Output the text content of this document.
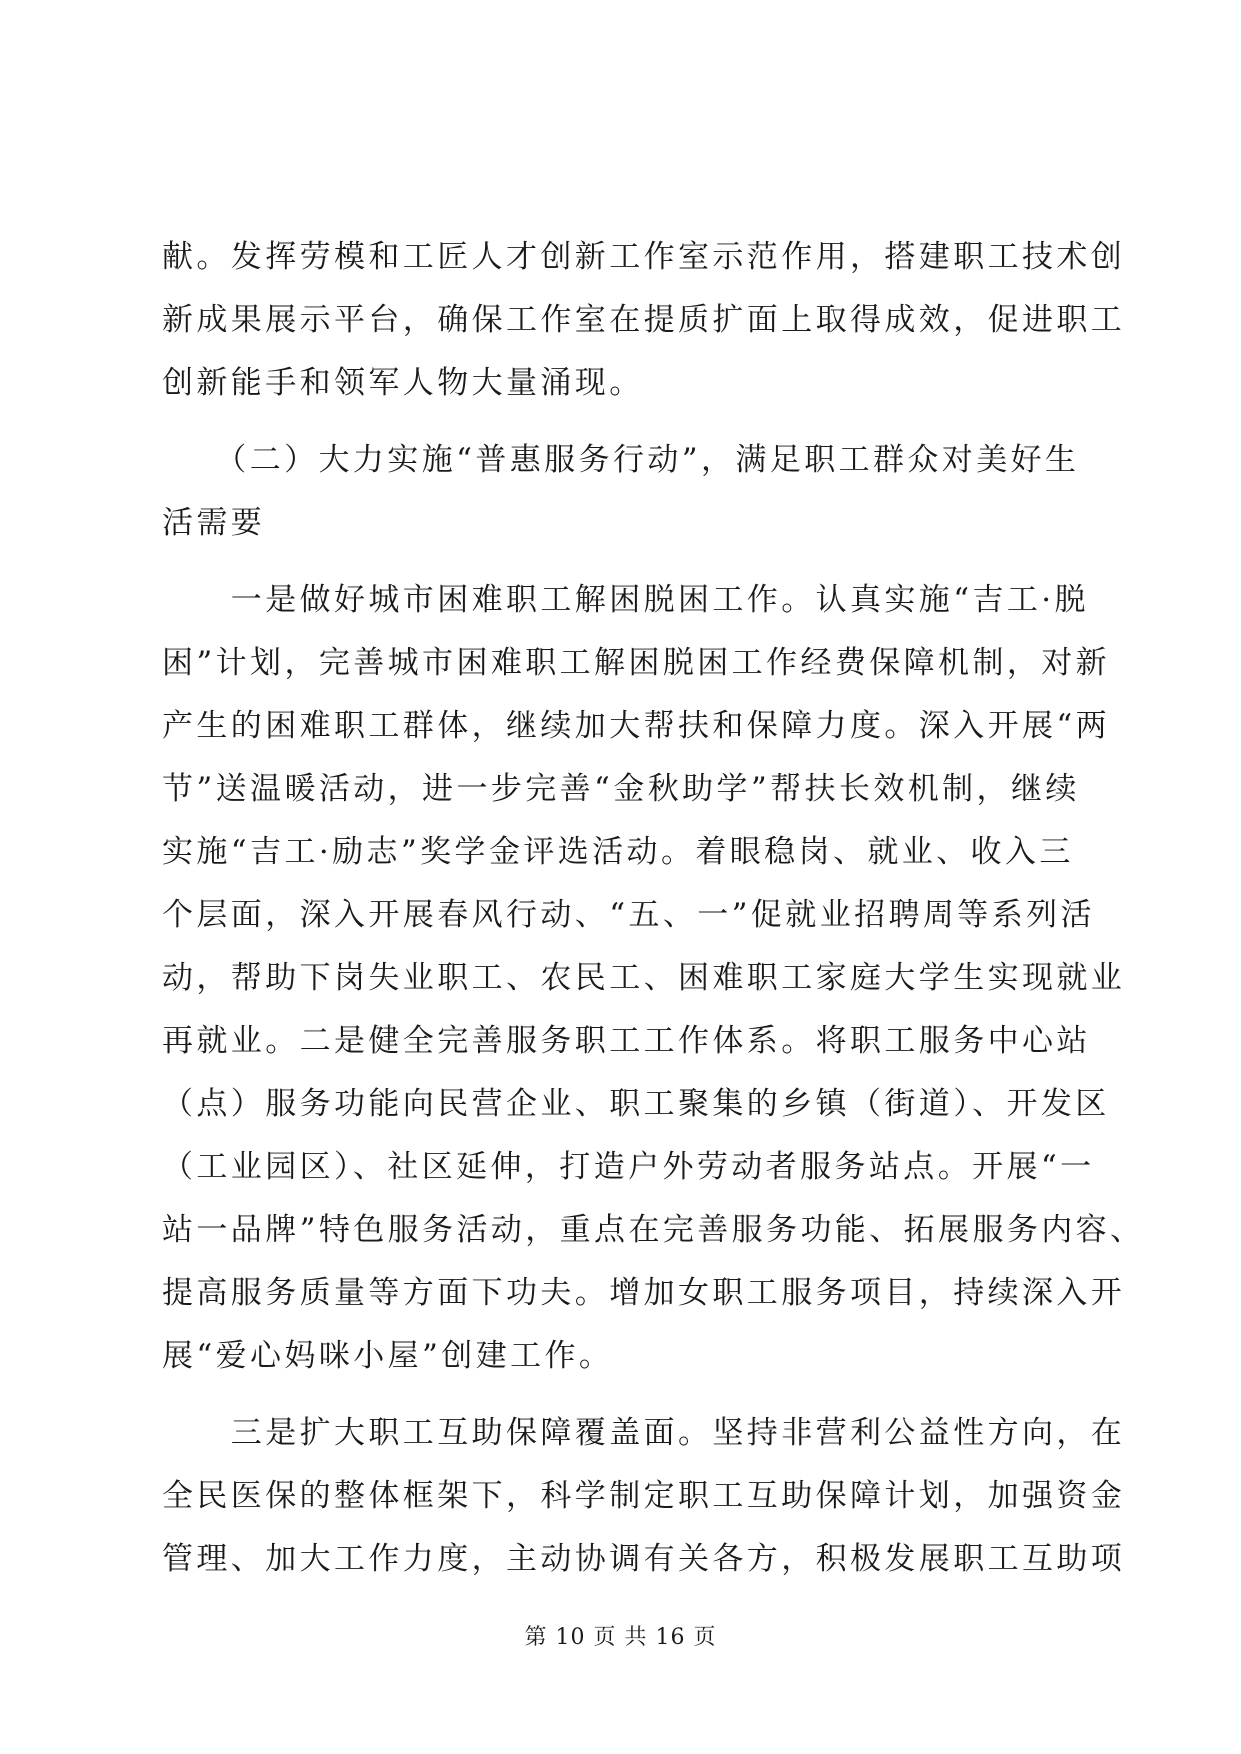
献。发挥劳模和工匠人才创新工作室示范作用，搭建职工技术创
新成果展示平台，确保工作室在提质扩面上取得成效，促进职工
创新能手和领军人物大量涌现。
　　（二）大力实施“普惠服务行动”，满足职工群众对美好生
活需要
　　一是做好城市困难职工解困脱困工作。认真实施“吉工·脱
困”计划，完善城市困难职工解困脱困工作经费保障机制，对新
产生的困难职工群体，继续加大帮扶和保障力度。深入开展“两
节”送温暖活动，进一步完善“金秋助学”帮扶长效机制，继续
实施“吉工·励志”奖学金评选活动。着眼稳岗、就业、收入三
个层面，深入开展春风行动、“五、一”促就业招聘周等系列活
动，帮助下岗失业职工、农民工、困难职工家庭大学生实现就业
再就业。二是健全完善服务职工工作体系。将职工服务中心站
（点）服务功能向民营企业、职工聚集的乡镇（街道）、开发区
（工业园区）、社区延伸，打造户外劳动者服务站点。开展“一
站一品牌”特色服务活动，重点在完善服务功能、拓展服务内容、
提高服务质量等方面下功夫。增加女职工服务项目，持续深入开
展“爱心妈咪小屋”创建工作。
　　三是扩大职工互助保障覆盖面。坚持非营利公益性方向，在
全民医保的整体框架下，科学制定职工互助保障计划，加强资金
管理、加大工作力度，主动协调有关各方，积极发展职工互助项
第 10 页 共 16 页
